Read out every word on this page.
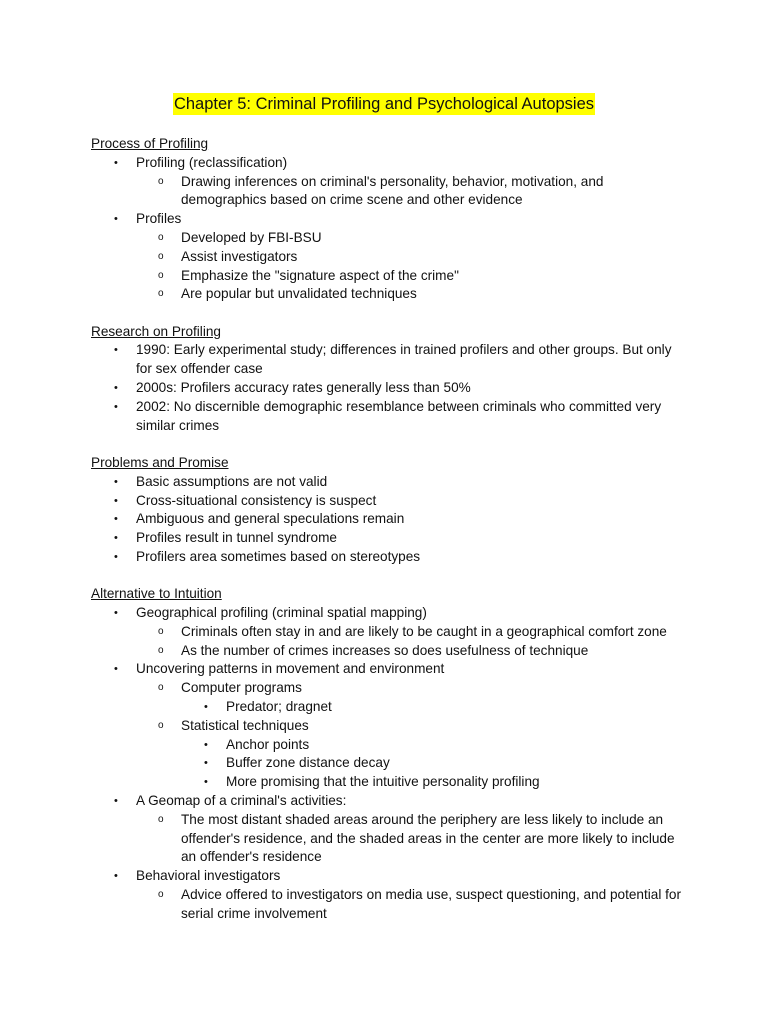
Chapter 5: Criminal Profiling and Psychological Autopsies
Process of Profiling
• Profiling (reclassification)
o Drawing inferences on criminal's personality, behavior, motivation, and demographics based on crime scene and other evidence
• Profiles
o Developed by FBI-BSU
o Assist investigators
o Emphasize the "signature aspect of the crime"
o Are popular but unvalidated techniques
Research on Profiling
• 1990: Early experimental study; differences in trained profilers and other groups. But only for sex offender case
• 2000s: Profilers accuracy rates generally less than 50%
• 2002: No discernible demographic resemblance between criminals who committed very similar crimes
Problems and Promise
• Basic assumptions are not valid
• Cross-situational consistency is suspect
• Ambiguous and general speculations remain
• Profiles result in tunnel syndrome
• Profilers area sometimes based on stereotypes
Alternative to Intuition
• Geographical profiling (criminal spatial mapping)
o Criminals often stay in and are likely to be caught in a geographical comfort zone
o As the number of crimes increases so does usefulness of technique
• Uncovering patterns in movement and environment
o Computer programs
• Predator; dragnet
o Statistical techniques
• Anchor points
• Buffer zone distance decay
• More promising that the intuitive personality profiling
• A Geomap of a criminal's activities:
o The most distant shaded areas around the periphery are less likely to include an offender's residence, and the shaded areas in the center are more likely to include an offender's residence
• Behavioral investigators
o Advice offered to investigators on media use, suspect questioning, and potential for serial crime involvement
